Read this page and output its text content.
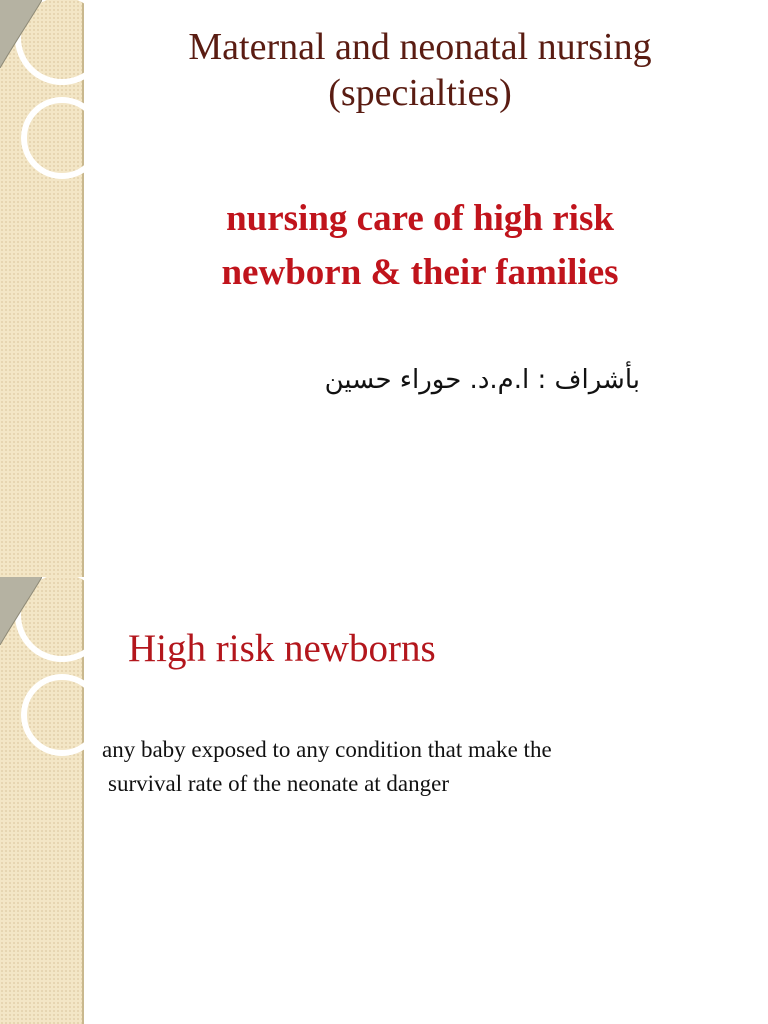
Maternal and neonatal nursing
(specialties)
nursing care of high risk
newborn & their families
بأشراف : ا.م.د. حوراء حسين
High risk newborns
any baby exposed to any condition that make the
survival rate of the neonate at danger
